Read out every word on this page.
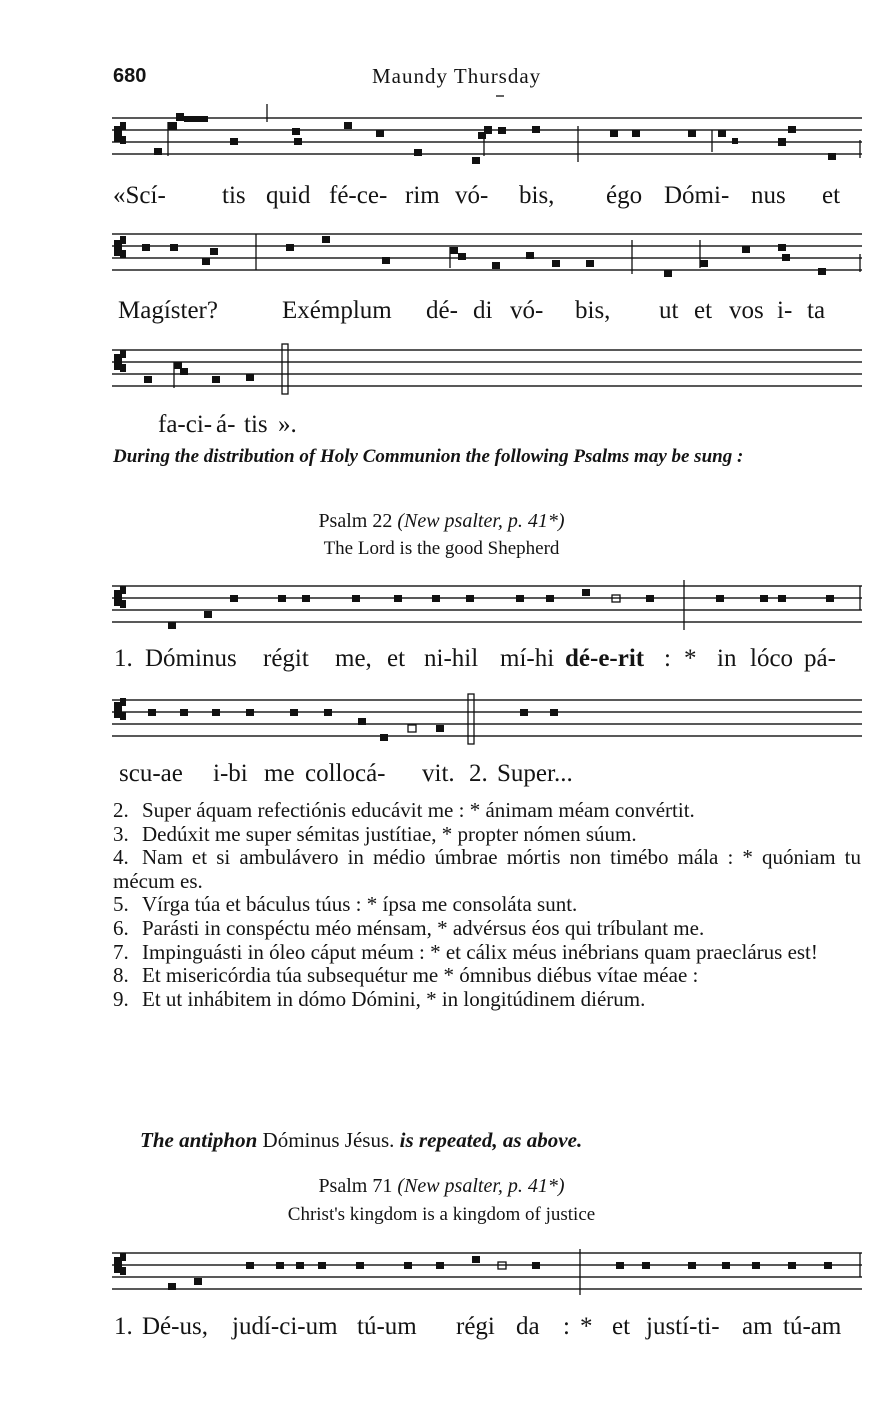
680	Maundy Thursday
«Scí- tis quid fé-ce- rim vó- bis, égo Dómi- nus et
Magíster?	Exémplum dé- di vó- bis, ut et vos i- ta
fa-ci- á- tis ».
During the distribution of Holy Communion the following Psalms may be sung :
Psalm 22 (New psalter, p. 41*)
The Lord is the good Shepherd
1. Dóminus régit me, et ni-hil mí-hi dé-e-rit : * in lóco pá-
scu-ae i-bi me collocá- vit. 2. Super...

2. Super áquam refectiónis educávit me : * ánimam méam convértit.

3. Dedúxit me super sémitas justítiae, * propter nómen súum.

4. Nam et si ambulávero in médio úmbrae mórtis non timébo mála : * quóniam tu mécum es.

5. Vírga túa et báculus túus : * ípsa me consoláta sunt.

6. Parásti in conspéctu méo ménsam, * advérsus éos qui tríbulant me.

7. Impinguásti in óleo cáput méum : * et cálix méus inébrians quam praeclárus est!

8. Et misericórdia túa subsequétur me * ómnibus diébus vítae méae :

9. Et ut inhábitem in dómo Dómini, * in longitúdinem diérum.

The antiphon Dóminus Jésus. is repeated, as above.
Psalm 71 (New psalter, p. 41*)
Christ's kingdom is a kingdom of justice
1. Dé-us, judí-ci-um tú-um régi da : * et justí-ti- am tú-am
